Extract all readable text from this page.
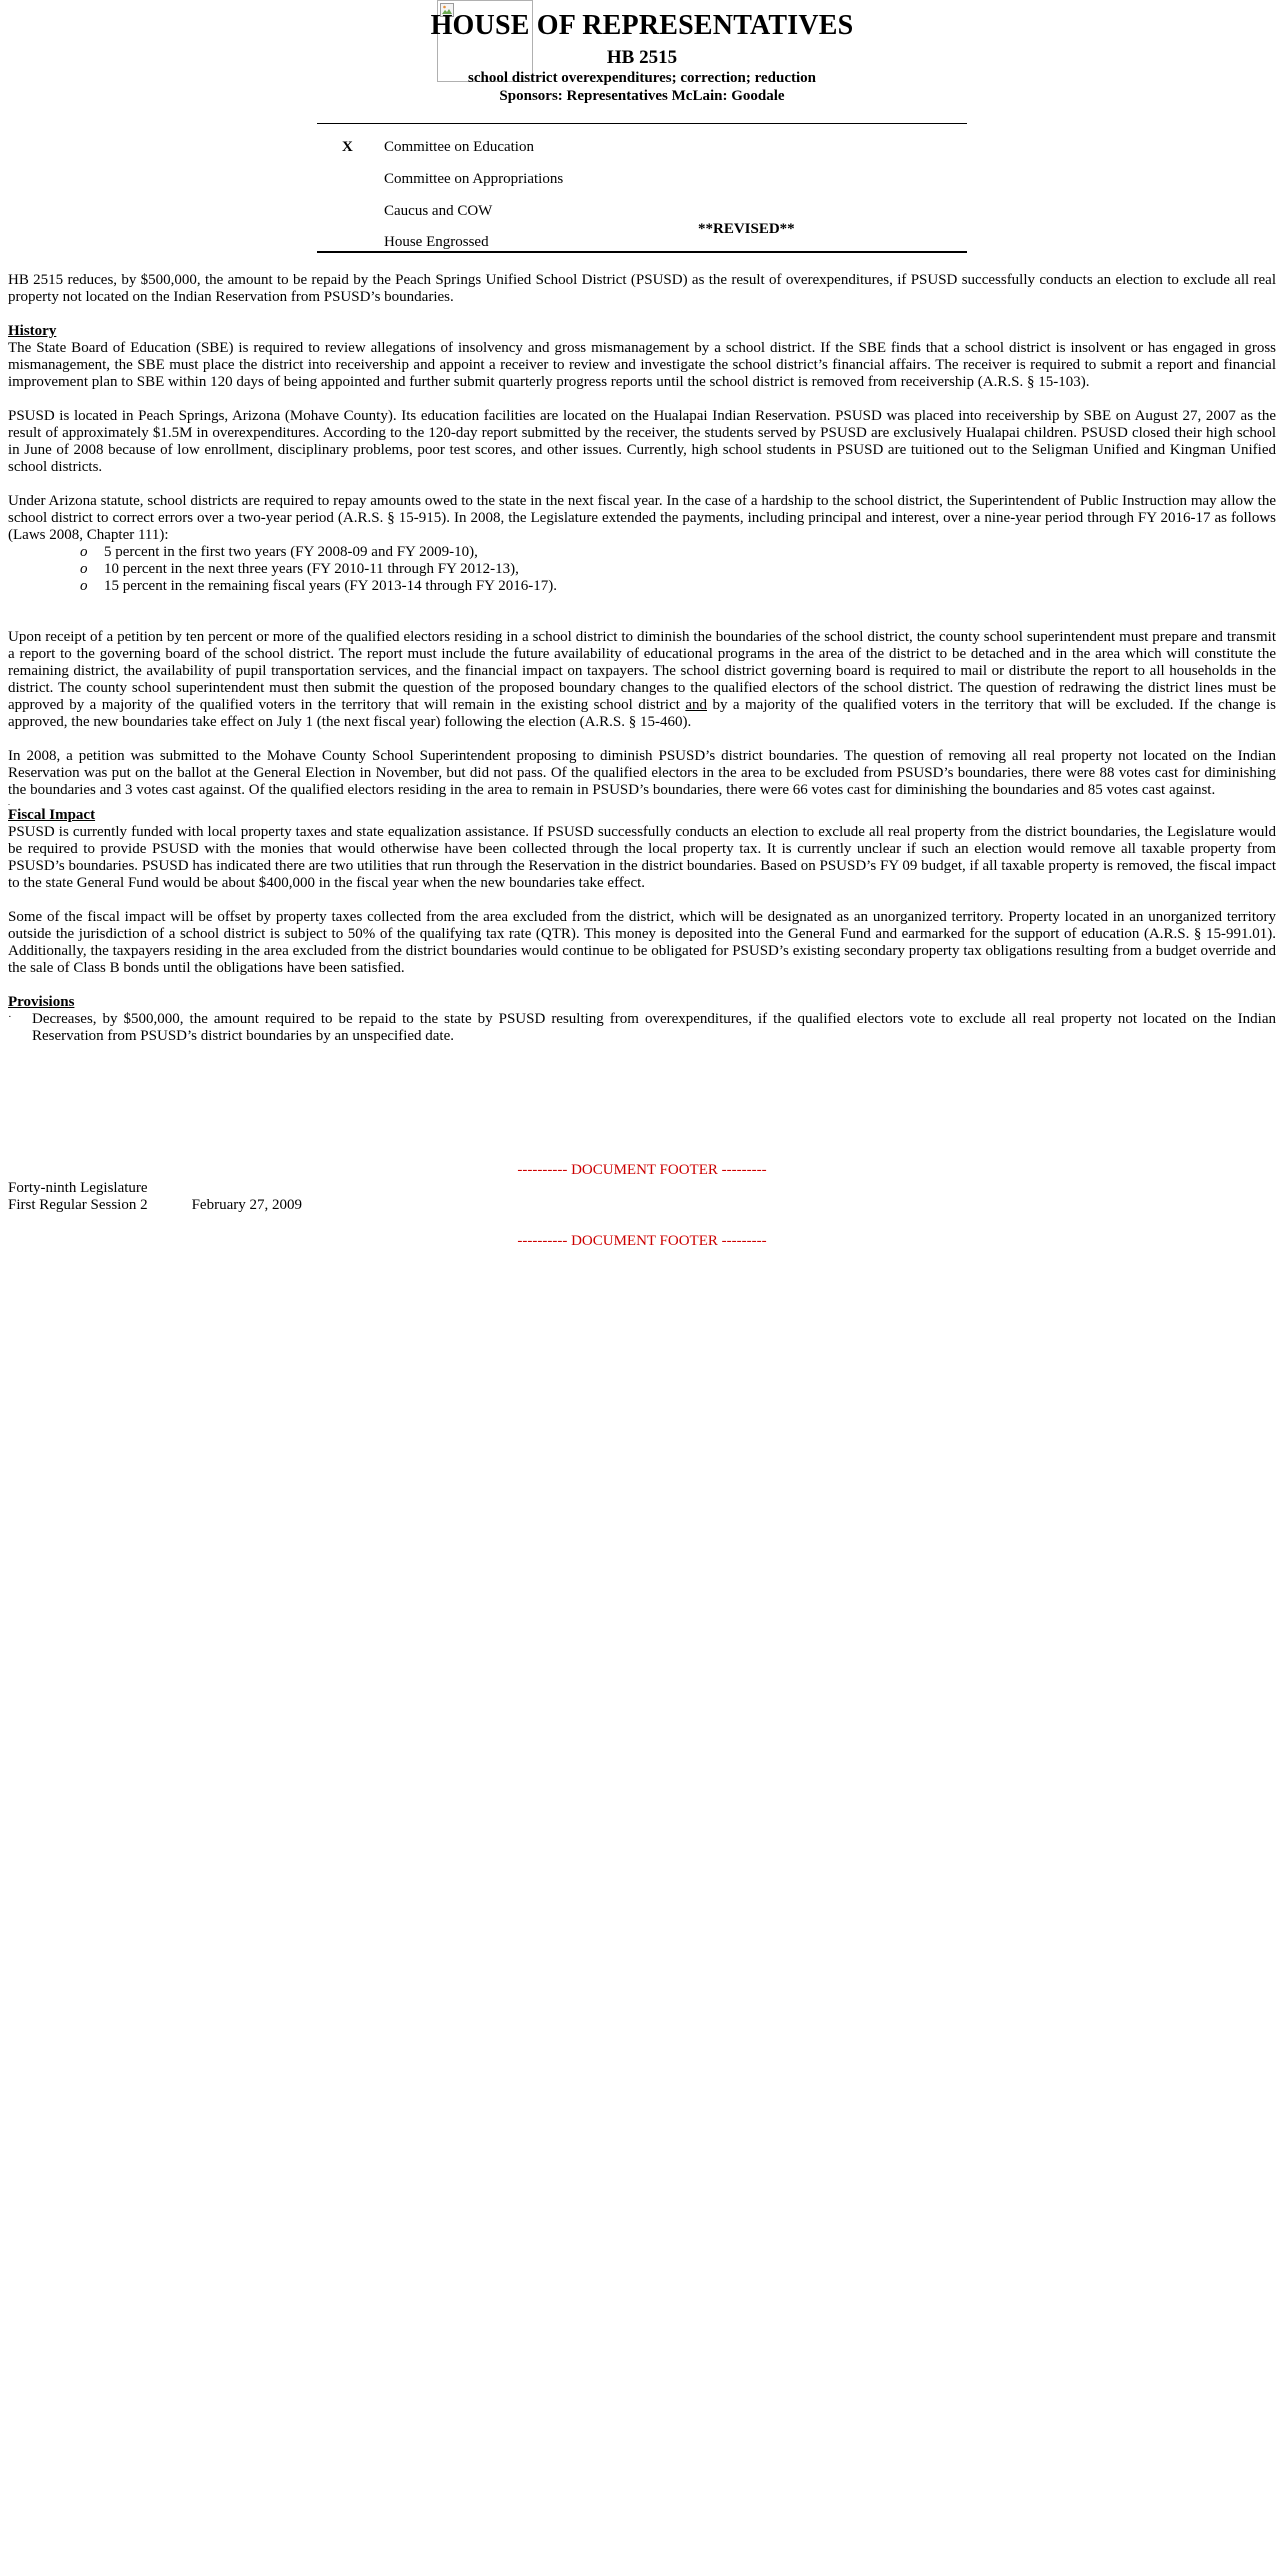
HOUSE OF REPRESENTATIVES
HB 2515
school district overexpenditures; correction; reduction
Sponsors: Representatives McLain: Goodale
X Committee on Education
Committee on Appropriations
Caucus and COW
House Engrossed
**REVISED**

HB 2515 reduces, by $500,000, the amount to be repaid by the Peach Springs Unified School District (PSUSD) as the result of overexpenditures, if PSUSD successfully conducts an election to exclude all real property not located on the Indian Reservation from PSUSD’s boundaries.

History

The State Board of Education (SBE) is required to review allegations of insolvency and gross mismanagement by a school district. If the SBE finds that a school district is insolvent or has engaged in gross mismanagement, the SBE must place the district into receivership and appoint a receiver to review and investigate the school district’s financial affairs. The receiver is required to submit a report and financial improvement plan to SBE within 120 days of being appointed and further submit quarterly progress reports until the school district is removed from receivership (A.R.S. § 15-103).

PSUSD is located in Peach Springs, Arizona (Mohave County). Its education facilities are located on the Hualapai Indian Reservation. PSUSD was placed into receivership by SBE on August 27, 2007 as the result of approximately $1.5M in overexpenditures. According to the 120-day report submitted by the receiver, the students served by PSUSD are exclusively Hualapai children. PSUSD closed their high school in June of 2008 because of low enrollment, disciplinary problems, poor test scores, and other issues. Currently, high school students in PSUSD are tuitioned out to the Seligman Unified and Kingman Unified school districts.

Under Arizona statute, school districts are required to repay amounts owed to the state in the next fiscal year. In the case of a hardship to the school district, the Superintendent of Public Instruction may allow the school district to correct errors over a two-year period (A.R.S. § 15-915). In 2008, the Legislature extended the payments, including principal and interest, over a nine-year period through FY 2016-17 as follows (Laws 2008, Chapter 111):

o 5 percent in the first two years (FY 2008-09 and FY 2009-10),
o 10 percent in the next three years (FY 2010-11 through FY 2012-13),
o 15 percent in the remaining fiscal years (FY 2013-14 through FY 2016-17).

Upon receipt of a petition by ten percent or more of the qualified electors residing in a school district to diminish the boundaries of the school district, the county school superintendent must prepare and transmit a report to the governing board of the school district. The report must include the future availability of educational programs in the area of the district to be detached and in the area which will constitute the remaining district, the availability of pupil transportation services, and the financial impact on taxpayers. The school district governing board is required to mail or distribute the report to all households in the district. The county school superintendent must then submit the question of the proposed boundary changes to the qualified electors of the school district. The question of redrawing the district lines must be approved by a majority of the qualified voters in the territory that will remain in the existing school district and by a majority of the qualified voters in the territory that will be excluded. If the change is approved, the new boundaries take effect on July 1 (the next fiscal year) following the election (A.R.S. § 15-460).

In 2008, a petition was submitted to the Mohave County School Superintendent proposing to diminish PSUSD’s district boundaries. The question of removing all real property not located on the Indian Reservation was put on the ballot at the General Election in November, but did not pass. Of the qualified electors in the area to be excluded from PSUSD’s boundaries, there were 88 votes cast for diminishing the boundaries and 3 votes cast against. Of the qualified electors residing in the area to remain in PSUSD’s boundaries, there were 66 votes cast for diminishing the boundaries and 85 votes cast against.

.
Fiscal Impact

PSUSD is currently funded with local property taxes and state equalization assistance. If PSUSD successfully conducts an election to exclude all real property from the district boundaries, the Legislature would be required to provide PSUSD with the monies that would otherwise have been collected through the local property tax. It is currently unclear if such an election would remove all taxable property from PSUSD’s boundaries. PSUSD has indicated there are two utilities that run through the Reservation in the district boundaries. Based on PSUSD’s FY 09 budget, if all taxable property is removed, the fiscal impact to the state General Fund would be about $400,000 in the fiscal year when the new boundaries take effect.

Some of the fiscal impact will be offset by property taxes collected from the area excluded from the district, which will be designated as an unorganized territory. Property located in an unorganized territory outside the jurisdiction of a school district is subject to 50% of the qualifying tax rate (QTR). This money is deposited into the General Fund and earmarked for the support of education (A.R.S. § 15-991.01). Additionally, the taxpayers residing in the area excluded from the district boundaries would continue to be obligated for PSUSD’s existing secondary property tax obligations resulting from a budget override and the sale of Class B bonds until the obligations have been satisfied.

Provisions
· Decreases, by $500,000, the amount required to be repaid to the state by PSUSD resulting from overexpenditures, if the qualified electors vote to exclude all real property not located on the Indian Reservation from PSUSD’s district boundaries by an unspecified date.
---------- DOCUMENT FOOTER ---------
Forty-ninth Legislature
First Regular Session 2	February 27, 2009
---------- DOCUMENT FOOTER ---------
